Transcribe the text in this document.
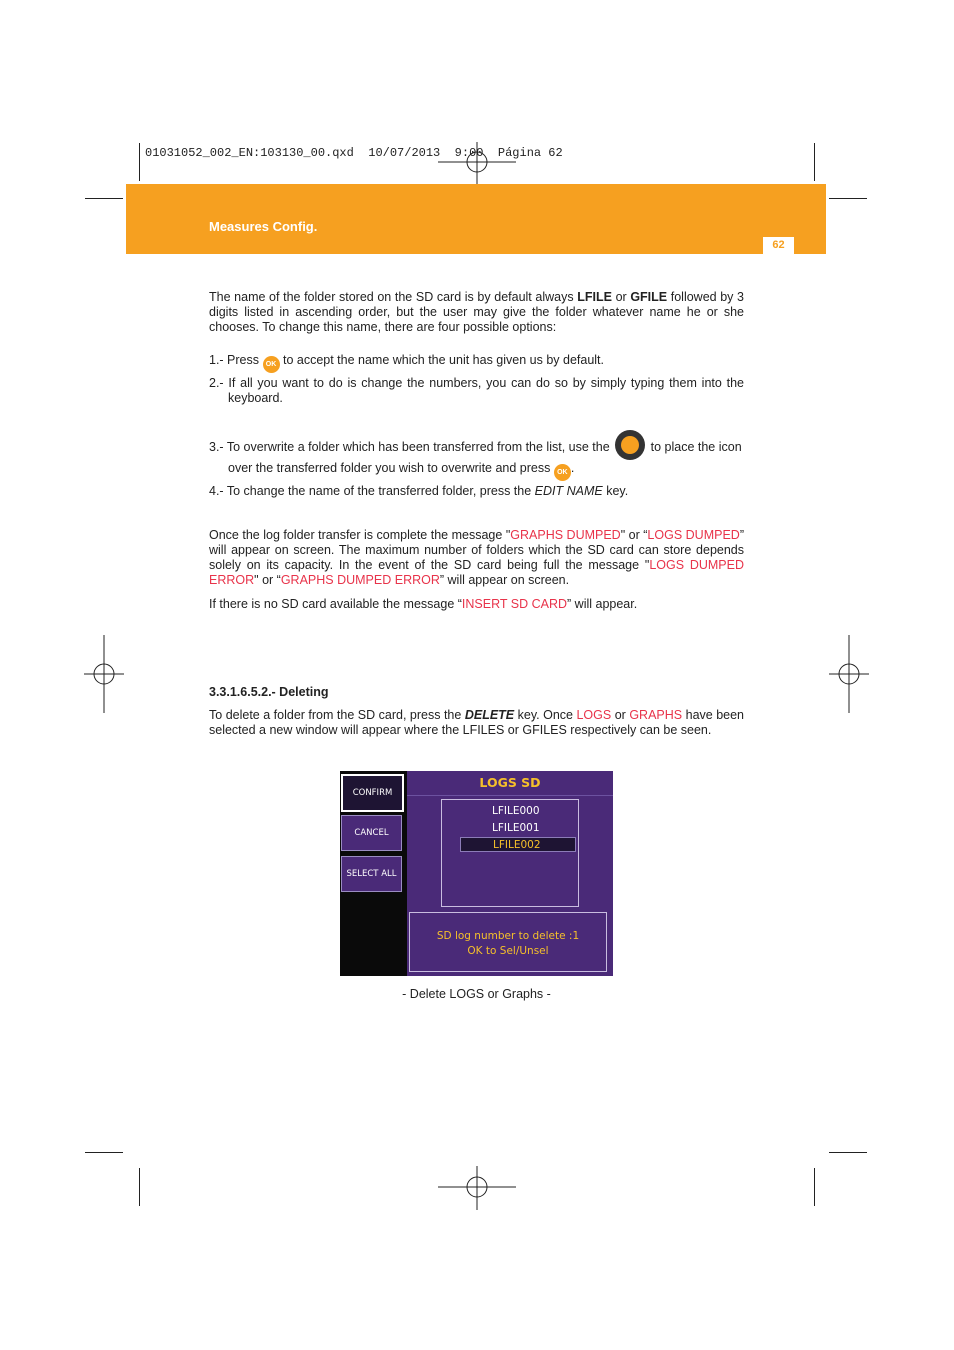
01031052_002_EN:103130_00.qxd 10/07/2013 9:00 Página 62
Measures Config.
62
The name of the folder stored on the SD card is by default always LFILE or GFILE followed by 3 digits listed in ascending order, but the user may give the folder whatever name he or she chooses. To change this name, there are four possible options:
1.- Press OK to accept the name which the unit has given us by default.
2.- If all you want to do is change the numbers, you can do so by simply typing them into the keyboard.
3.- To overwrite a folder which has been transferred from the list, use the	to place the icon
over the transferred folder you wish to overwrite and press OK .
4.- To change the name of the transferred folder, press the EDIT NAME key.
Once the log folder transfer is complete the message "GRAPHS DUMPED" or “LOGS DUMPED” will appear on screen. The maximum number of folders which the SD card can store depends solely on its capacity. In the event of the SD card being full the message "LOGS DUMPED ERROR" or “GRAPHS DUMPED ERROR” will appear on screen.
If there is no SD card available the message “INSERT SD CARD” will appear.
3.3.1.6.5.2.- Deleting
To delete a folder from the SD card, press the DELETE key. Once LOGS or GRAPHS have been selected a new window will appear where the LFILES or GFILES respectively can be seen.
CONFIRM
CANCEL
SELECT ALL
LOGS SD
LFILE000
LFILE001
LFILE002
SD log number to delete :1
OK to Sel/Unsel
- Delete LOGS or Graphs -
